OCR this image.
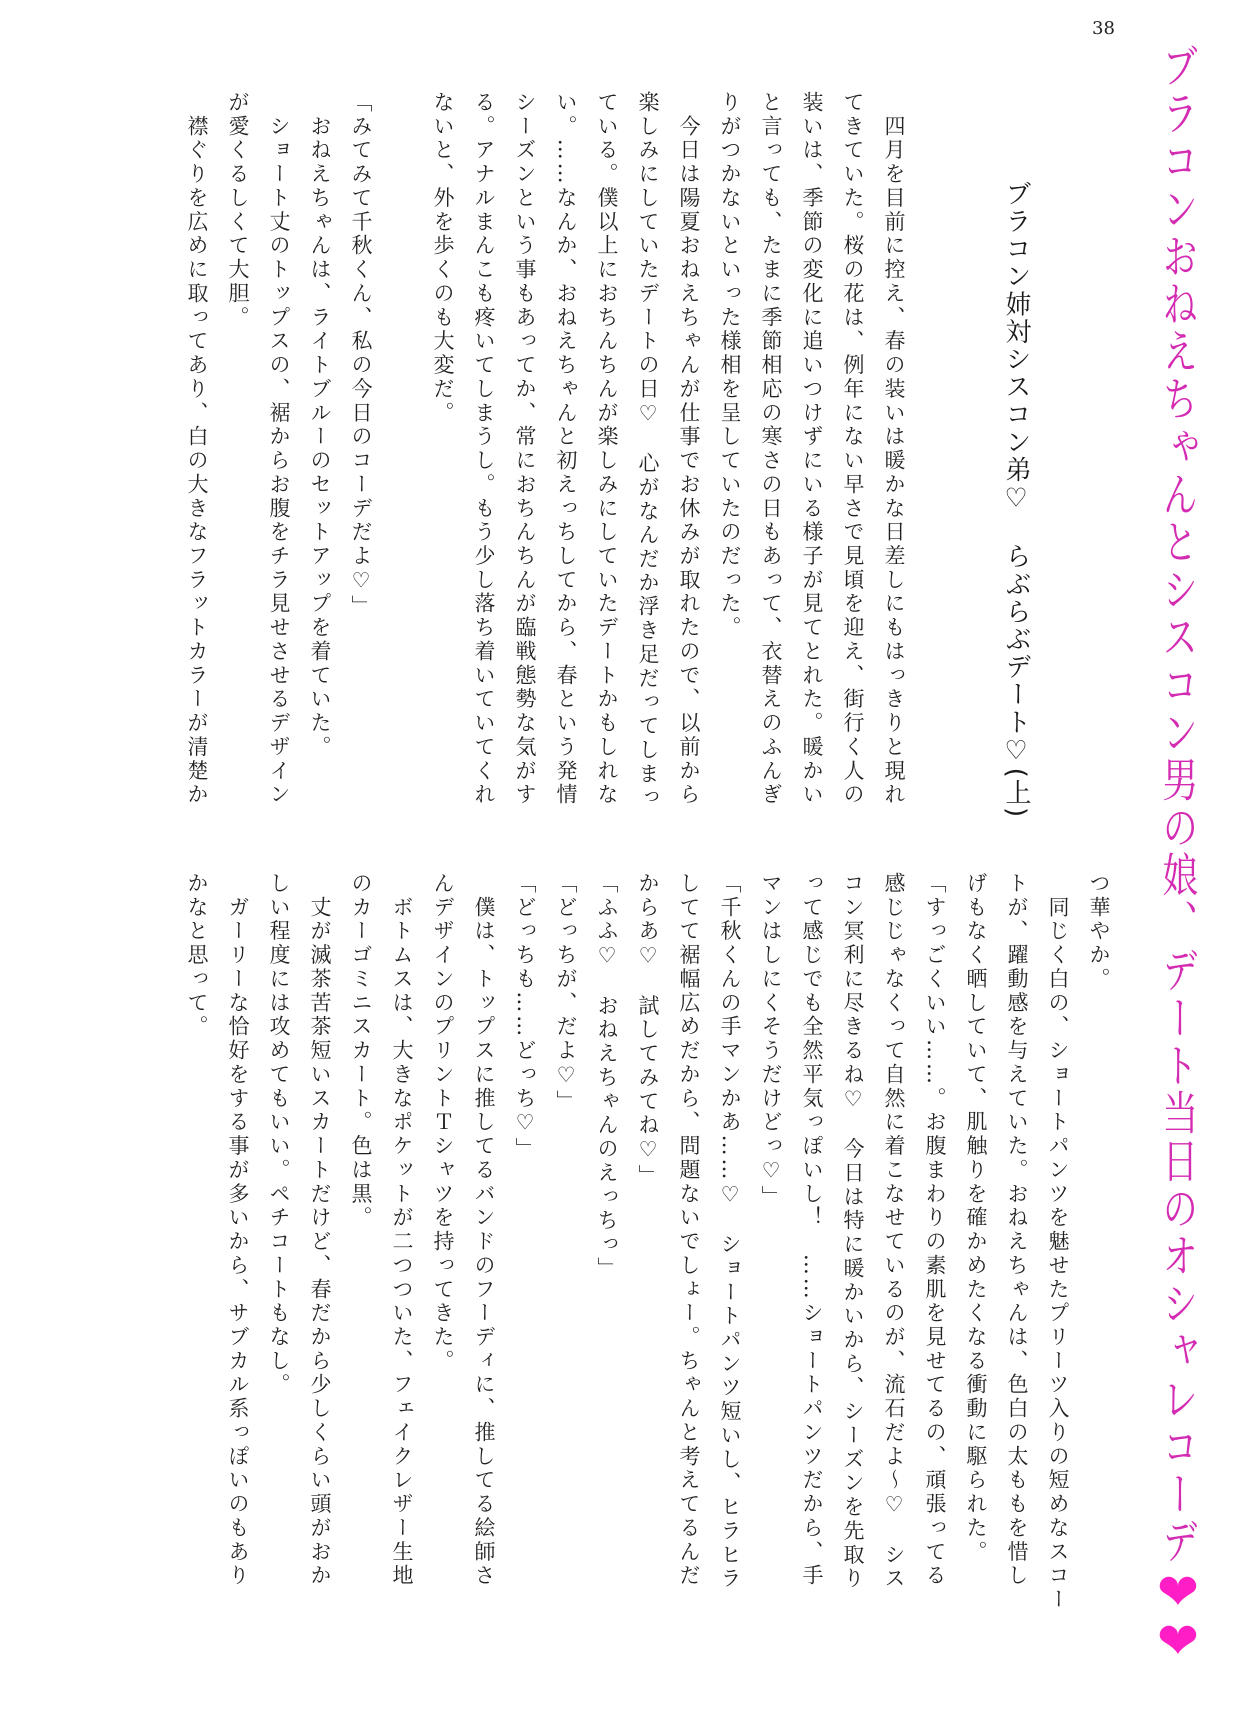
38
ブラコンおねえちゃんとシスコン男の娘、デート当日のオシャレコーデ
❤
❤
ブラコン姉対シスコン弟♡　らぶらぶデート♡(上)
　四月を目前に控え、春の装いは暖かな日差しにもはっきりと現れ
てきていた。桜の花は、例年にない早さで見頃を迎え、街行く人の
装いは、季節の変化に追いつけずにいる様子が見てとれた。暖かい
と言っても、たまに季節相応の寒さの日もあって、衣替えのふんぎ
りがつかないといった様相を呈していたのだった。
　今日は陽夏おねえちゃんが仕事でお休みが取れたので、以前から
楽しみにしていたデートの日♡　心がなんだか浮き足だってしまっ
ている。僕以上におちんちんが楽しみにしていたデートかもしれな
い。……なんか、おねえちゃんと初えっちしてから、春という発情
シーズンという事もあってか、常におちんちんが臨戦態勢な気がす
る。アナルまんこも疼いてしまうし。もう少し落ち着いていてくれ
ないと、外を歩くのも大変だ。
「みてみて千秋くん、私の今日のコーデだよ♡」
　おねえちゃんは、ライトブルーのセットアップを着ていた。
　ショート丈のトップスの、裾からお腹をチラ見せさせるデザイン
が愛くるしくて大胆。
　襟ぐりを広めに取ってあり、白の大きなフラットカラーが清楚か
つ華やか。
　同じく白の、ショートパンツを魅せたプリーツ入りの短めなスコー
トが、躍動感を与えていた。おねえちゃんは、色白の太ももを惜し
げもなく晒していて、肌触りを確かめたくなる衝動に駆られた。
「すっごくいい……。お腹まわりの素肌を見せてるの、頑張ってる
感じじゃなくって自然に着こなせているのが、流石だよ～♡　シス
コン冥利に尽きるね♡　今日は特に暖かいから、シーズンを先取り
って感じでも全然平気っぽいし！　……ショートパンツだから、手
マンはしにくそうだけどっ♡」
「千秋くんの手マンかあ……♡　ショートパンツ短いし、ヒラヒラ
してて裾幅広めだから、問題ないでしょー。ちゃんと考えてるんだ
からあ♡　試してみてね♡」
「ふふ♡　おねえちゃんのえっちっ」
「どっちが、だよ♡」
「どっちも……どっち♡」
　僕は、トップスに推してるバンドのフーディに、推してる絵師さ
んデザインのプリントＴシャツを持ってきた。
　ボトムスは、大きなポケットが二つついた、フェイクレザー生地
のカーゴミニスカート。色は黒。
　丈が滅茶苦茶短いスカートだけど、春だから少しくらい頭がおか
しい程度には攻めてもいい。ペチコートもなし。
　ガーリーな恰好をする事が多いから、サブカル系っぽいのもあり
かなと思って。
